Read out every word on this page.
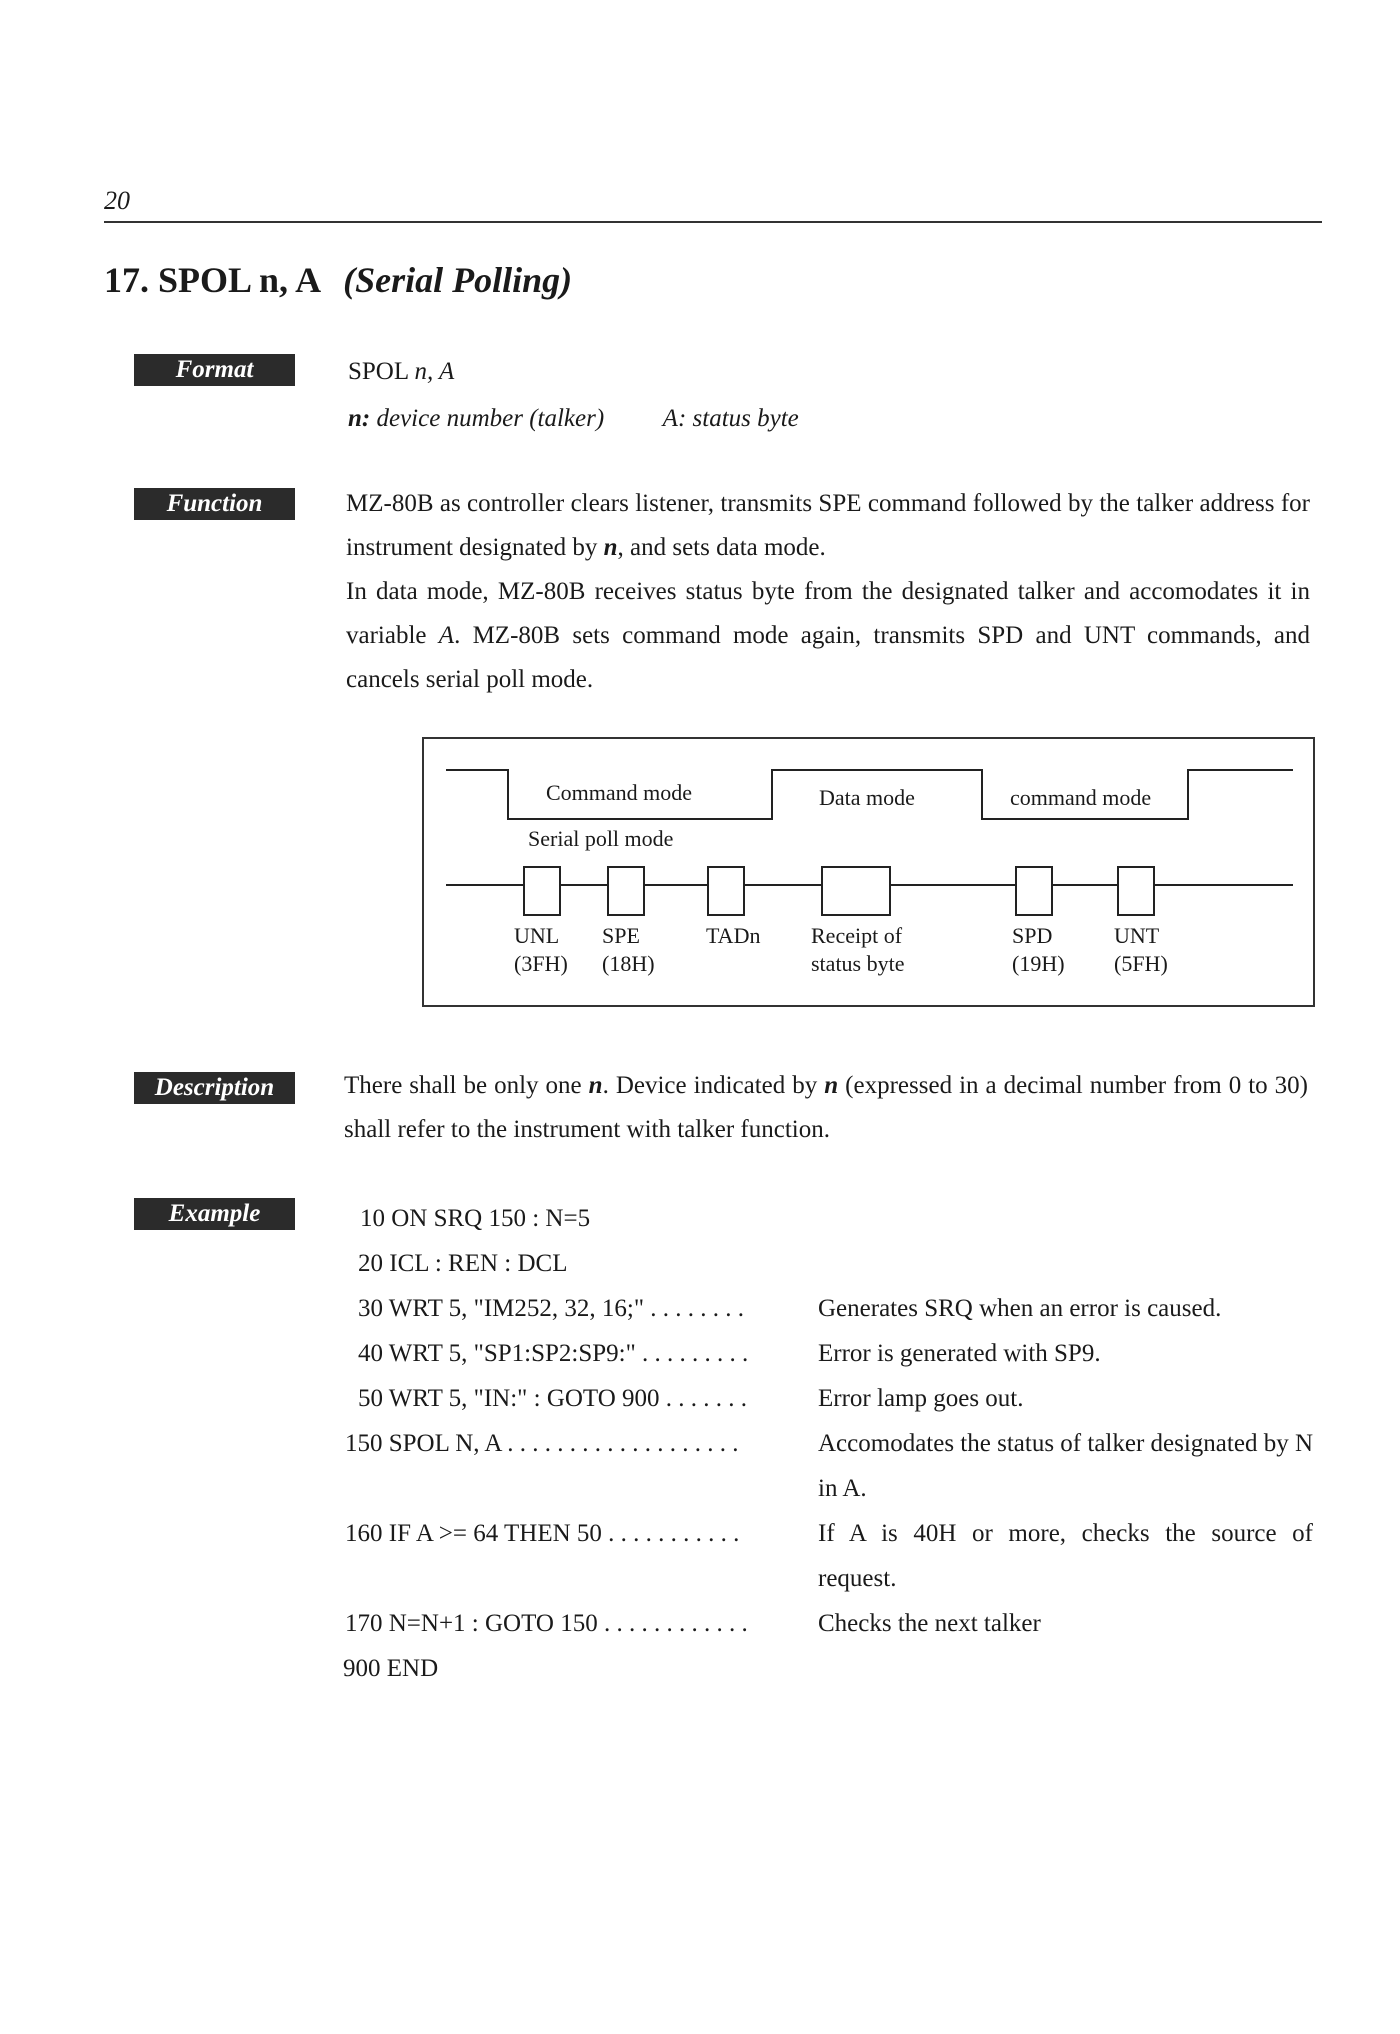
20
17. SPOL n, A (Serial Polling)
Format	SPOL n, A
n: device number (talker) A: status byte
Function	MZ-80B as controller clears listener, transmits SPE command followed by the talker address for instrument designated by n, and sets data mode.
In data mode, MZ-80B receives status byte from the designated talker and accomodates it in variable A. MZ-80B sets command mode again, transmits SPD and UNT commands, and cancels serial poll mode.
Command mode	Data mode	command mode
Serial poll mode
UNL
(3FH)
SPE
(18H)
TADn Receipt of
status byte
SPD
(19H)
UNT
(5FH)
Description	There shall be only one n. Device indicated by n (expressed in a decimal number from 0 to 30) shall refer to the instrument with talker function.
Example	10 ON SRQ 150 : N=5
20 ICL : REN : DCL
30 WRT 5, "IM252, 32, 16;" . . . . . . . .	Generates SRQ when an error is caused.
40 WRT 5, "SP1:SP2:SP9:" . . . . . . . . .	Error is generated with SP9.
50 WRT 5, "IN:" : GOTO 900 . . . . . . .	Error lamp goes out.
150 SPOL N, A . . . . . . . . . . . . . . . . . . .	Accomodates the status of talker designated by N in A.
160 IF A >= 64 THEN 50 . . . . . . . . . . .	If A is 40H or more, checks the source of request.
170 N=N+1 : GOTO 150 . . . . . . . . . . . .	Checks the next talker
900 END
